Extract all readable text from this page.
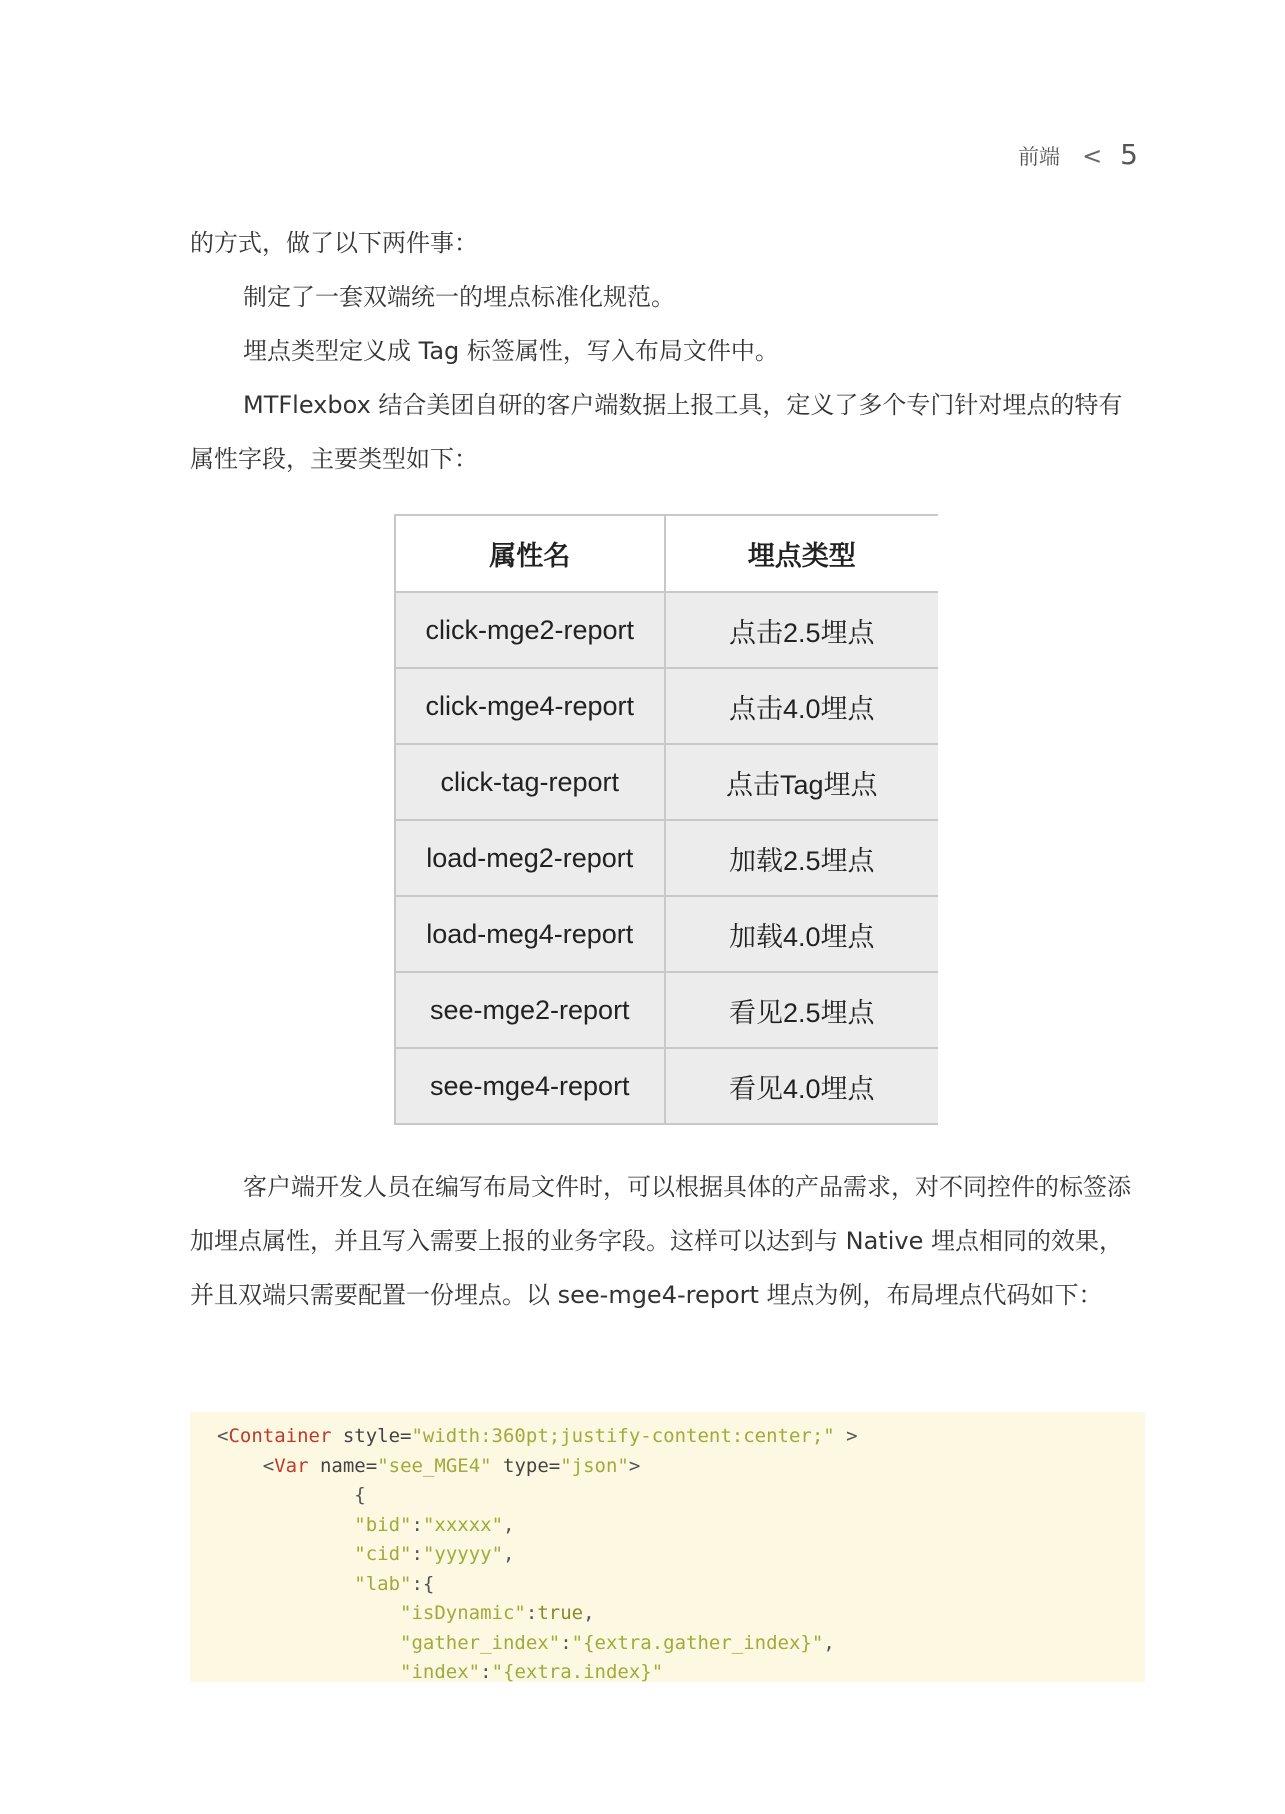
前端 < 5

的方式，做了以下两件事：

制定了一套双端统一的埋点标准化规范。

埋点类型定义成 Tag 标签属性，写入布局文件中。

MTFlexbox 结合美团自研的客户端数据上报工具，定义了多个专门针对埋点的特有属性字段，主要类型如下：

属性名	埋点类型
click-mge2-report	点击2.5埋点
click-mge4-report	点击4.0埋点
click-tag-report	点击Tag埋点
load-meg2-report	加载2.5埋点
load-meg4-report	加载4.0埋点
see-mge2-report	看见2.5埋点
see-mge4-report	看见4.0埋点

客户端开发人员在编写布局文件时，可以根据具体的产品需求，对不同控件的标签添加埋点属性，并且写入需要上报的业务字段。这样可以达到与 Native 埋点相同的效果，并且双端只需要配置一份埋点。以 see-mge4-report 埋点为例，布局埋点代码如下：

<Container style="width:360pt;justify-content:center;" >
<Var name="see_MGE4" type="json">
{
"bid":"xxxxx",
"cid":"yyyyy",
"lab":{
"isDynamic":true,
"gather_index":"{extra.gather_index}",
"index":"{extra.index}"
